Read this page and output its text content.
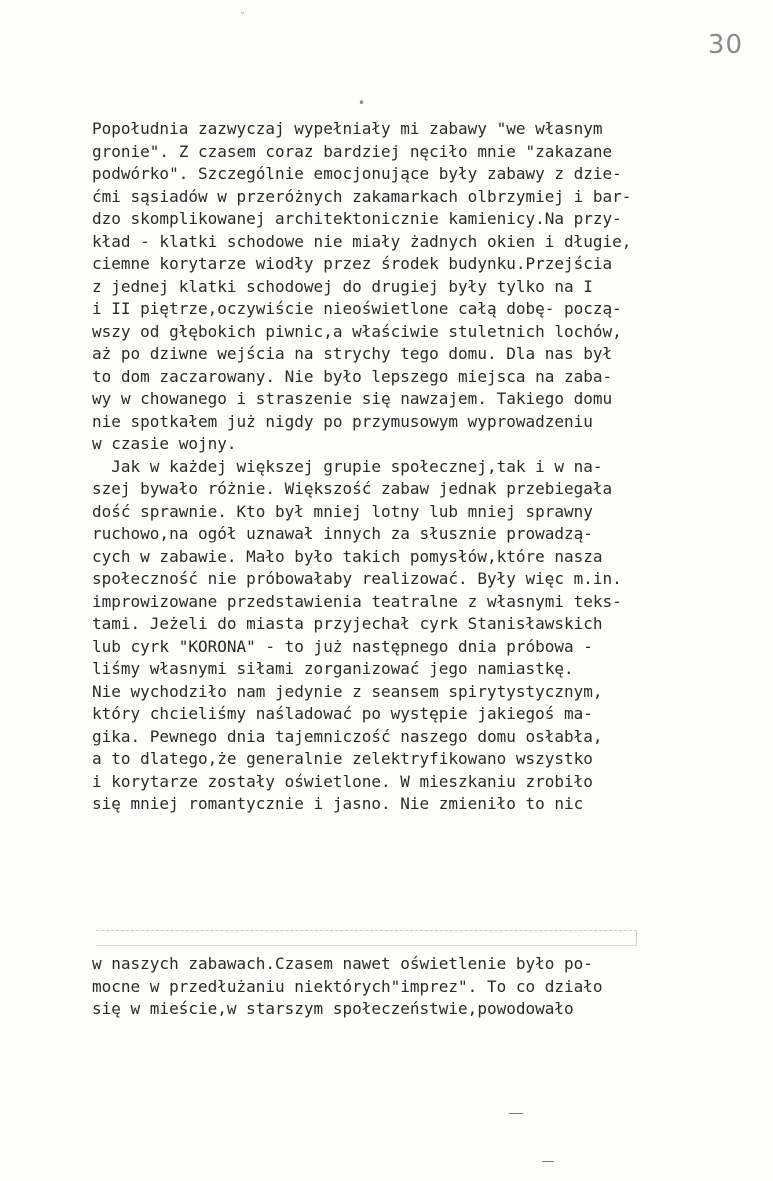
˘
30
•
Popołudnia zazwyczaj wypełniały mi zabawy "we własnym
gronie". Z czasem coraz bardziej nęciło mnie "zakazane
podwórko". Szczególnie emocjonujące były zabawy z dzie-
ćmi sąsiadów w przeróżnych zakamarkach olbrzymiej i bar-
dzo skomplikowanej architektonicznie kamienicy.Na przy-
kład - klatki schodowe nie miały żadnych okien i długie,
ciemne korytarze wiodły przez środek budynku.Przejścia
z jednej klatki schodowej do drugiej były tylko na I
i II piętrze,oczywiście nieoświetlone całą dobę- począ-
wszy od głębokich piwnic,a właściwie stuletnich lochów,
aż po dziwne wejścia na strychy tego domu. Dla nas był
to dom zaczarowany. Nie było lepszego miejsca na zaba-
wy w chowanego i straszenie się nawzajem. Takiego domu
nie spotkałem już nigdy po przymusowym wyprowadzeniu
w czasie wojny.
Jak w każdej większej grupie społecznej,tak i w na-
szej bywało różnie. Większość zabaw jednak przebiegała
dość sprawnie. Kto był mniej lotny lub mniej sprawny
ruchowo,na ogół uznawał innych za słusznie prowadzą-
cych w zabawie. Mało było takich pomysłów,które nasza
społeczność nie próbowałaby realizować. Były więc m.in.
improwizowane przedstawienia teatralne z własnymi teks-
tami. Jeżeli do miasta przyjechał cyrk Stanisławskich
lub cyrk "KORONA" - to już następnego dnia próbowa -
liśmy własnymi siłami zorganizować jego namiastkę.
Nie wychodziło nam jedynie z seansem spirytystycznym,
który chcieliśmy naśladować po występie jakiegoś ma-
gika. Pewnego dnia tajemniczość naszego domu osłabła,
a to dlatego,że generalnie zelektryfikowano wszystko
i korytarze zostały oświetlone. W mieszkaniu zrobiło
się mniej romantycznie i jasno. Nie zmieniło to nic
w naszych zabawach.Czasem nawet oświetlenie było po-
mocne w przedłużaniu niektórych"imprez". To co działo
się w mieście,w starszym społeczeństwie,powodowało
